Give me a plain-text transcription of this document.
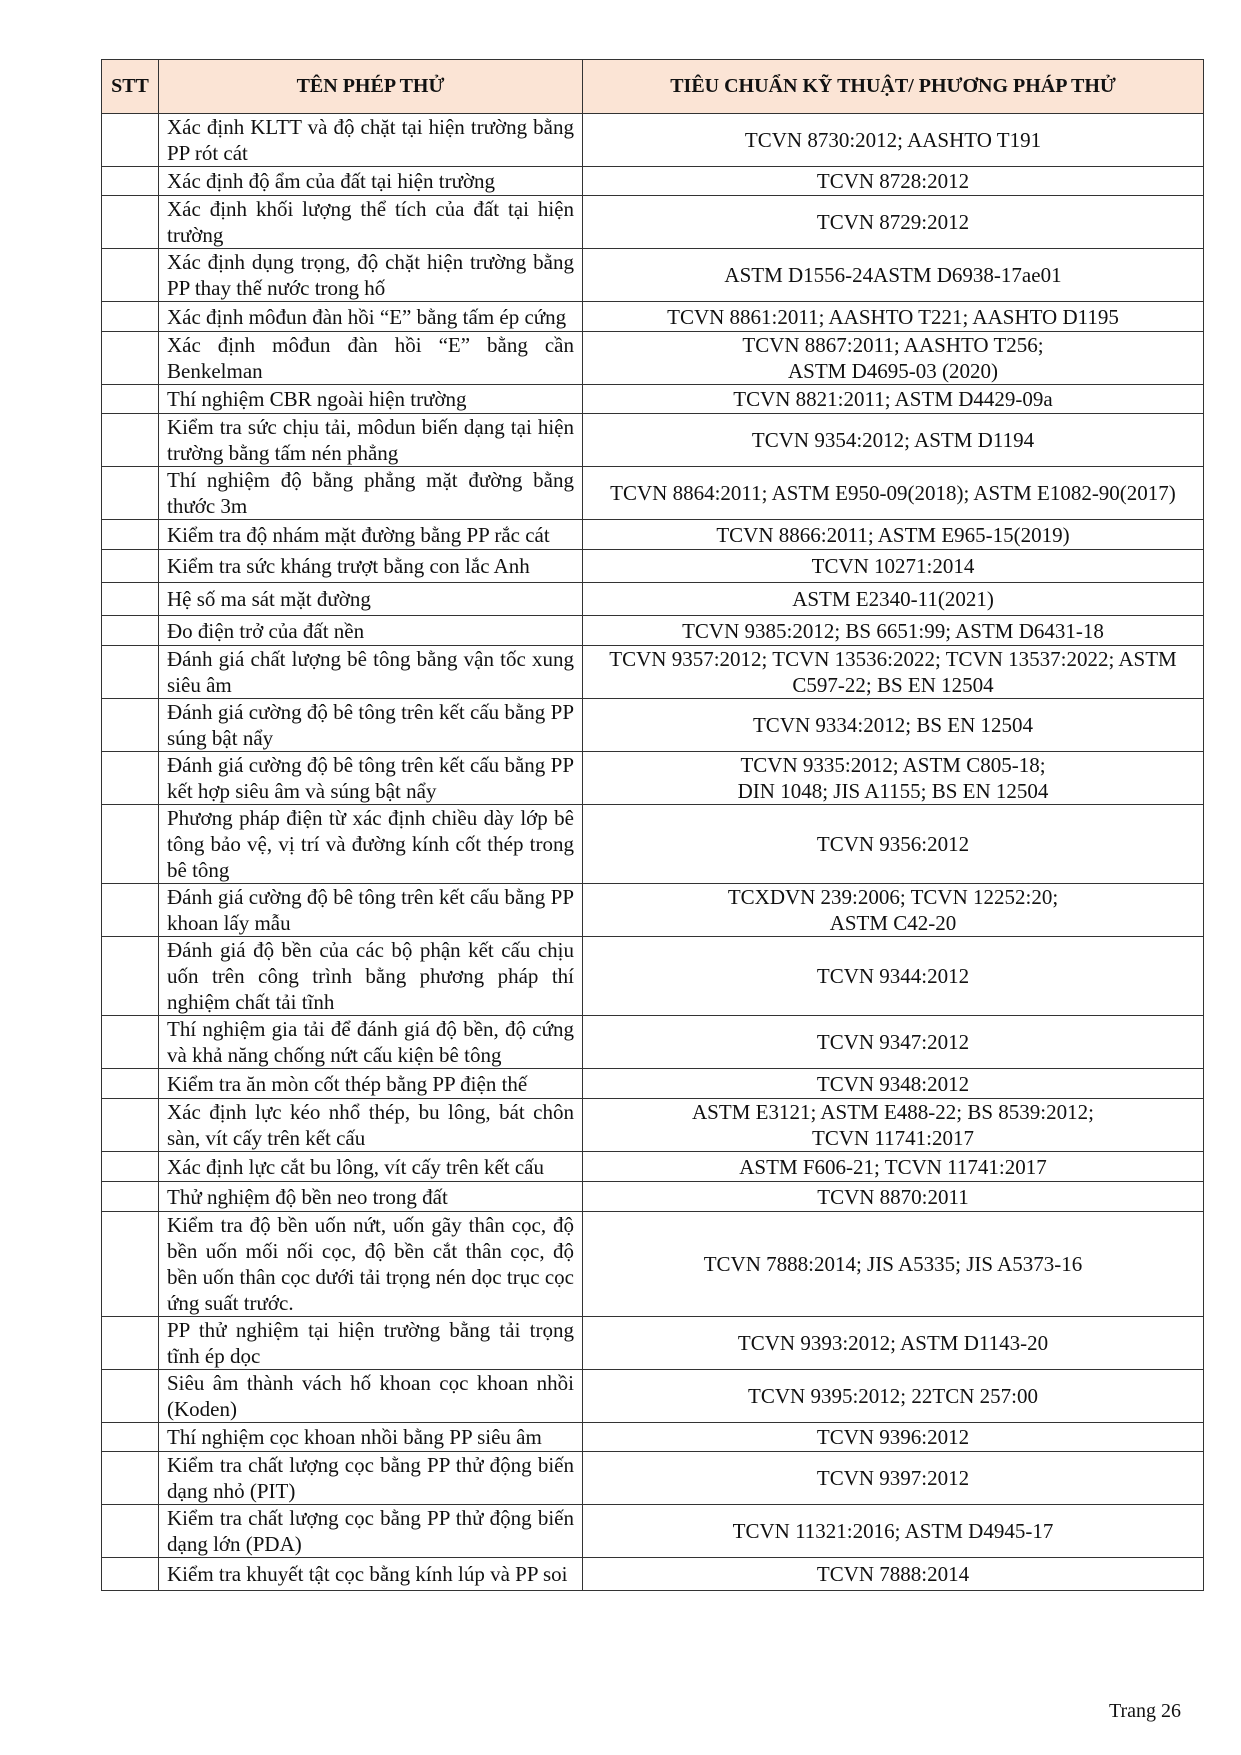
STT	TÊN PHÉP THỬ	TIÊU CHUẨN KỸ THUẬT/ PHƯƠNG PHÁP THỬ
	Xác định KLTT và độ chặt tại hiện trường bằng PP rót cát	TCVN 8730:2012; AASHTO T191
	Xác định độ ẩm của đất tại hiện trường	TCVN 8728:2012
	Xác định khối lượng thể tích của đất tại hiện trường	TCVN 8729:2012
	Xác định dụng trọng, độ chặt hiện trường bằng PP thay thế nước trong hố	ASTM D1556-24ASTM D6938-17ae01
	Xác định môđun đàn hồi “E” bằng tấm ép cứng	TCVN 8861:2011; AASHTO T221; AASHTO D1195
	Xác định môđun đàn hồi “E” bằng cần Benkelman	TCVN 8867:2011; AASHTO T256;
ASTM D4695-03 (2020)
	Thí nghiệm CBR ngoài hiện trường	TCVN 8821:2011; ASTM D4429-09a
	Kiểm tra sức chịu tải, môdun biến dạng tại hiện trường bằng tấm nén phẳng	TCVN 9354:2012; ASTM D1194
	Thí nghiệm độ bằng phẳng mặt đường bằng thước 3m	TCVN 8864:2011; ASTM E950-09(2018); ASTM E1082-90(2017)
	Kiểm tra độ nhám mặt đường bằng PP rắc cát	TCVN 8866:2011; ASTM E965-15(2019)
	Kiểm tra sức kháng trượt bằng con lắc Anh	TCVN 10271:2014
	Hệ số ma sát mặt đường	ASTM E2340-11(2021)
	Đo điện trở của đất nền	TCVN 9385:2012; BS 6651:99; ASTM D6431-18
	Đánh giá chất lượng bê tông bằng vận tốc xung siêu âm	TCVN 9357:2012; TCVN 13536:2022; TCVN 13537:2022; ASTM C597-22; BS EN 12504
	Đánh giá cường độ bê tông trên kết cấu bằng PP súng bật nẩy	TCVN 9334:2012; BS EN 12504
	Đánh giá cường độ bê tông trên kết cấu bằng PP kết hợp siêu âm và súng bật nẩy	TCVN 9335:2012; ASTM C805-18;
DIN 1048; JIS A1155; BS EN 12504
	Phương pháp điện từ xác định chiều dày lớp bê tông bảo vệ, vị trí và đường kính cốt thép trong bê tông	TCVN 9356:2012
	Đánh giá cường độ bê tông trên kết cấu bằng PP khoan lấy mẫu	TCXDVN 239:2006; TCVN 12252:20;
ASTM C42-20
	Đánh giá độ bền của các bộ phận kết cấu chịu uốn trên công trình bằng phương pháp thí nghiệm chất tải tĩnh	TCVN 9344:2012
	Thí nghiệm gia tải để đánh giá độ bền, độ cứng và khả năng chống nứt cấu kiện bê tông	TCVN 9347:2012
	Kiểm tra ăn mòn cốt thép bằng PP điện thế	TCVN 9348:2012
	Xác định lực kéo nhổ thép, bu lông, bát chôn sàn, vít cấy trên kết cấu	ASTM E3121; ASTM E488-22; BS 8539:2012;
TCVN 11741:2017
	Xác định lực cắt bu lông, vít cấy trên kết cấu	ASTM F606-21; TCVN 11741:2017
	Thử nghiệm độ bền neo trong đất	TCVN 8870:2011
	Kiểm tra độ bền uốn nứt, uốn gãy thân cọc, độ bền uốn mối nối cọc, độ bền cắt thân cọc, độ bền uốn thân cọc dưới tải trọng nén dọc trục cọc ứng suất trước.	TCVN 7888:2014; JIS A5335; JIS A5373-16
	PP thử nghiệm tại hiện trường bằng tải trọng tĩnh ép dọc	TCVN 9393:2012; ASTM D1143-20
	Siêu âm thành vách hố khoan cọc khoan nhồi (Koden)	TCVN 9395:2012; 22TCN 257:00
	Thí nghiệm cọc khoan nhồi bằng PP siêu âm	TCVN 9396:2012
	Kiểm tra chất lượng cọc bằng PP thử động biến dạng nhỏ (PIT)	TCVN 9397:2012
	Kiểm tra chất lượng cọc bằng PP thử động biến dạng lớn (PDA)	TCVN 11321:2016; ASTM D4945-17
	Kiểm tra khuyết tật cọc bằng kính lúp và PP soi	TCVN 7888:2014
Trang 26
